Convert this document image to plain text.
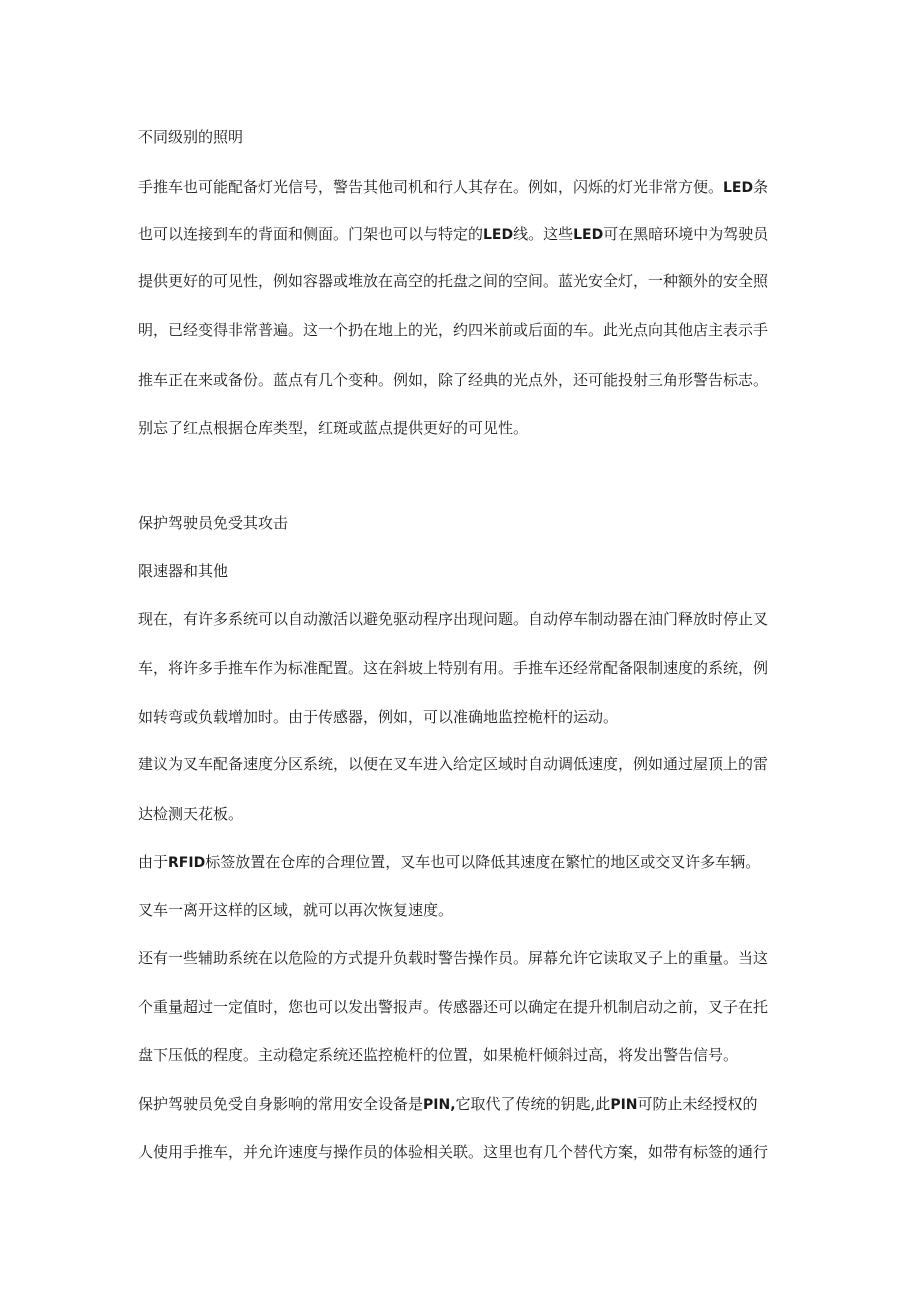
不同级别的照明
手推车也可能配备灯光信号，警告其他司机和行人其存在。例如，闪烁的灯光非常方便。LED条
也可以连接到车的背面和侧面。门架也可以与特定的LED线。这些LED可在黑暗环境中为驾驶员
提供更好的可见性，例如容器或堆放在高空的托盘之间的空间。蓝光安全灯，一种额外的安全照
明，已经变得非常普遍。这一个扔在地上的光，约四米前或后面的车。此光点向其他店主表示手
推车正在来或备份。蓝点有几个变种。例如，除了经典的光点外，还可能投射三角形警告标志。
别忘了红点根据仓库类型，红斑或蓝点提供更好的可见性。
保护驾驶员免受其攻击
限速器和其他
现在，有许多系统可以自动激活以避免驱动程序出现问题。自动停车制动器在油门释放时停止叉
车，将许多手推车作为标准配置。这在斜坡上特别有用。手推车还经常配备限制速度的系统，例
如转弯或负载增加时。由于传感器，例如，可以准确地监控桅杆的运动。
建议为叉车配备速度分区系统，以便在叉车进入给定区域时自动调低速度，例如通过屋顶上的雷
达检测天花板。
由于RFID标签放置在仓库的合理位置，叉车也可以降低其速度在繁忙的地区或交叉许多车辆。
叉车一离开这样的区域，就可以再次恢复速度。
还有一些辅助系统在以危险的方式提升负载时警告操作员。屏幕允许它读取叉子上的重量。当这
个重量超过一定值时，您也可以发出警报声。传感器还可以确定在提升机制启动之前，叉子在托
盘下压低的程度。主动稳定系统还监控桅杆的位置，如果桅杆倾斜过高，将发出警告信号。
保护驾驶员免受自身影响的常用安全设备是PIN,它取代了传统的钥匙,此PIN可防止未经授权的
人使用手推车，并允许速度与操作员的体验相关联。这里也有几个替代方案，如带有标签的通行
